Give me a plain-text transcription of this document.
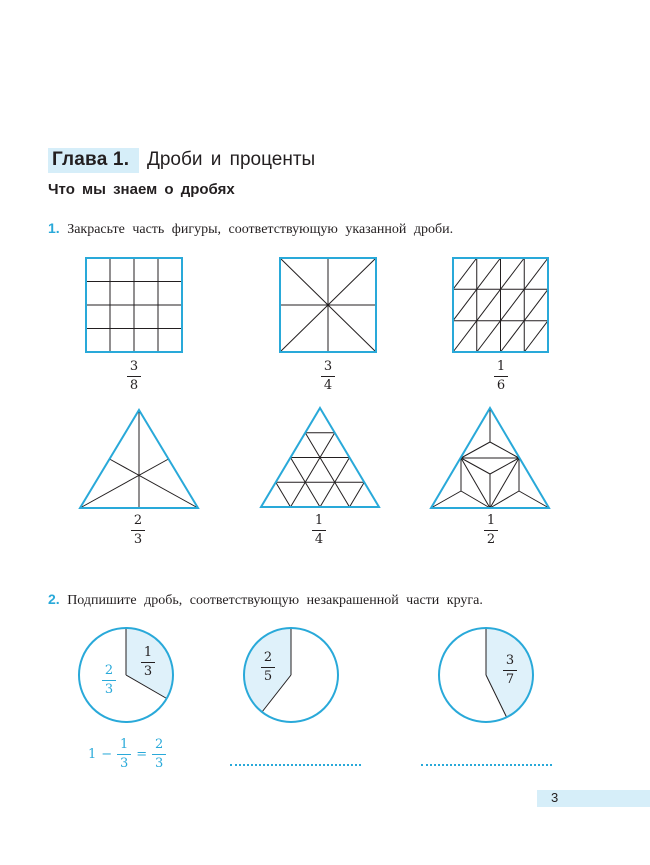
Глава 1. Дроби и проценты
Что мы знаем о дробях
1. Закрасьте часть фигуры, соответствующую указанной дроби.
3
8
3
4
1
6
2
3
1
4
1
2
2. Подпишите дробь, соответствующую незакрашенной части круга.
1
3
2
3
$1 - \frac{1}{3} = \frac{2}{3}$
2
5
3
7
3
